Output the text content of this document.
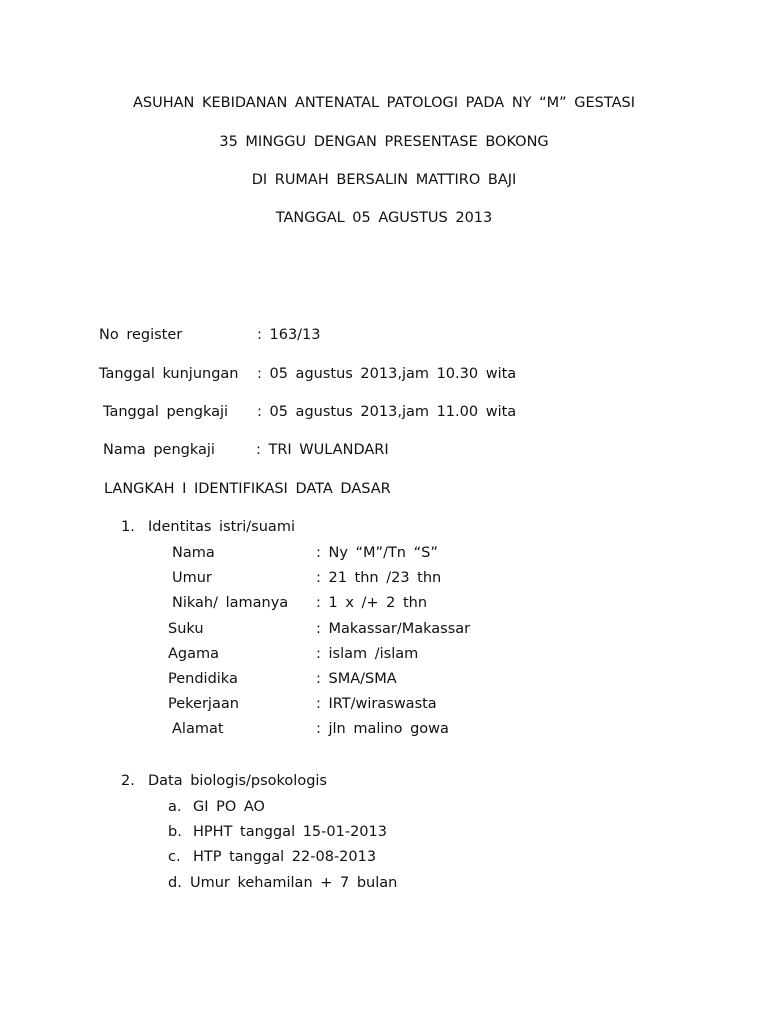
ASUHAN KEBIDANAN ANTENATAL PATOLOGI PADA NY “M” GESTASI
35 MINGGU DENGAN PRESENTASE BOKONG
DI RUMAH BERSALIN MATTIRO BAJI
TANGGAL 05 AGUSTUS 2013
No register	: 163/13
Tanggal kunjungan : 05 agustus 2013,jam 10.30 wita
Tanggal pengkaji : 05 agustus 2013,jam 11.00 wita
Nama pengkaji	: TRI WULANDARI
LANGKAH I IDENTIFIKASI DATA DASAR
1. Identitas istri/suami
Nama	: Ny “M”/Tn “S”
Umur	: 21 thn /23 thn
Nikah/ lamanya : 1 x /+ 2 thn
Suku	: Makassar/Makassar
Agama	: islam /islam
Pendidika	: SMA/SMA
Pekerjaan	: IRT/wiraswasta
Alamat	: jln malino gowa
2. Data biologis/psokologis
a. GI PO AO
b. HPHT tanggal 15-01-2013
c. HTP tanggal 22-08-2013
d. Umur kehamilan + 7 bulan
